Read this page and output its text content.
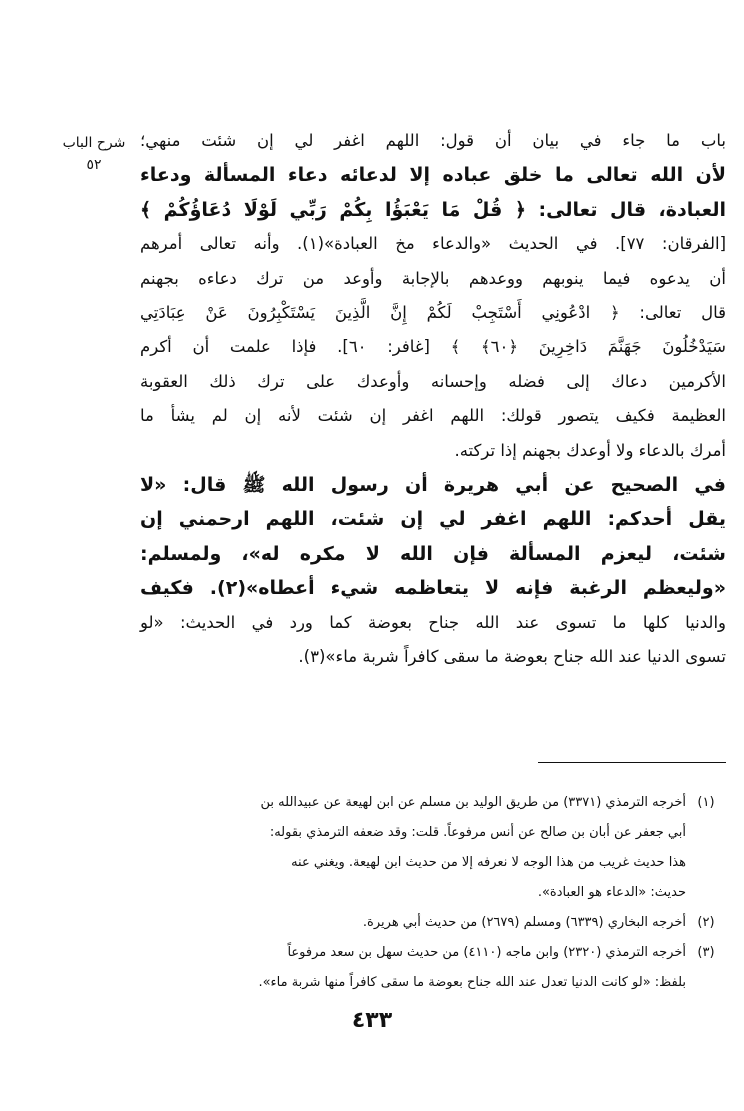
شرح الباب
٥٢
باب ما جاء في بيان أن قول: اللهم اغفر لي إن شئت منهي؛
لأن الله تعالى ما خلق عباده إلا لدعائه دعاء المسألة ودعاء
العبادة، قال تعالى: ﴿ قُلْ مَا يَعْبَؤُا بِكُمْ رَبِّي لَوْلَا دُعَاؤُكُمْ ﴾
[الفرقان: ٧٧]. في الحديث «والدعاء مخ العبادة»(١). وأنه تعالى أمرهم
أن يدعوه فيما ينوبهم ووعدهم بالإجابة وأوعد من ترك دعاءه بجهنم
قال تعالى: ﴿ ادْعُونِي أَسْتَجِبْ لَكُمْ إِنَّ الَّذِينَ يَسْتَكْبِرُونَ عَنْ عِبَادَتِي
سَيَدْخُلُونَ جَهَنَّمَ دَاخِرِينَ ﴿٦٠﴾ ﴾ [غافر: ٦٠]. فإذا علمت أن أكرم
الأكرمين دعاك إلى فضله وإحسانه وأوعدك على ترك ذلك العقوبة
العظيمة فكيف يتصور قولك: اللهم اغفر إن شئت لأنه إن لم يشأ ما
أمرك بالدعاء ولا أوعدك بجهنم إذا تركته.
في الصحيح عن أبي هريرة أن رسول الله ﷺ قال: «لا
يقل أحدكم: اللهم اغفر لي إن شئت، اللهم ارحمني إن
شئت، ليعزم المسألة فإن الله لا مكره له»، ولمسلم:
«وليعظم الرغبة فإنه لا يتعاظمه شيء أعطاه»(٢). فكيف
والدنيا كلها ما تسوى عند الله جناح بعوضة كما ورد في الحديث: «لو
تسوى الدنيا عند الله جناح بعوضة ما سقى كافراً شربة ماء»(٣).
(١)
أخرجه الترمذي (٣٣٧١) من طريق الوليد بن مسلم عن ابن لهيعة عن عبيدالله بن
أبي جعفر عن أبان بن صالح عن أنس مرفوعاً. قلت: وقد ضعفه الترمذي بقوله:
هذا حديث غريب من هذا الوجه لا نعرفه إلا من حديث ابن لهيعة. ويغني عنه
حديث: «الدعاء هو العبادة».
(٢)
أخرجه البخاري (٦٣٣٩) ومسلم (٢٦٧٩) من حديث أبي هريرة.
(٣)
أخرجه الترمذي (٢٣٢٠) وابن ماجه (٤١١٠) من حديث سهل بن سعد مرفوعاً
بلفظ: «لو كانت الدنيا تعدل عند الله جناح بعوضة ما سقى كافراً منها شربة ماء».
٤٣٣
